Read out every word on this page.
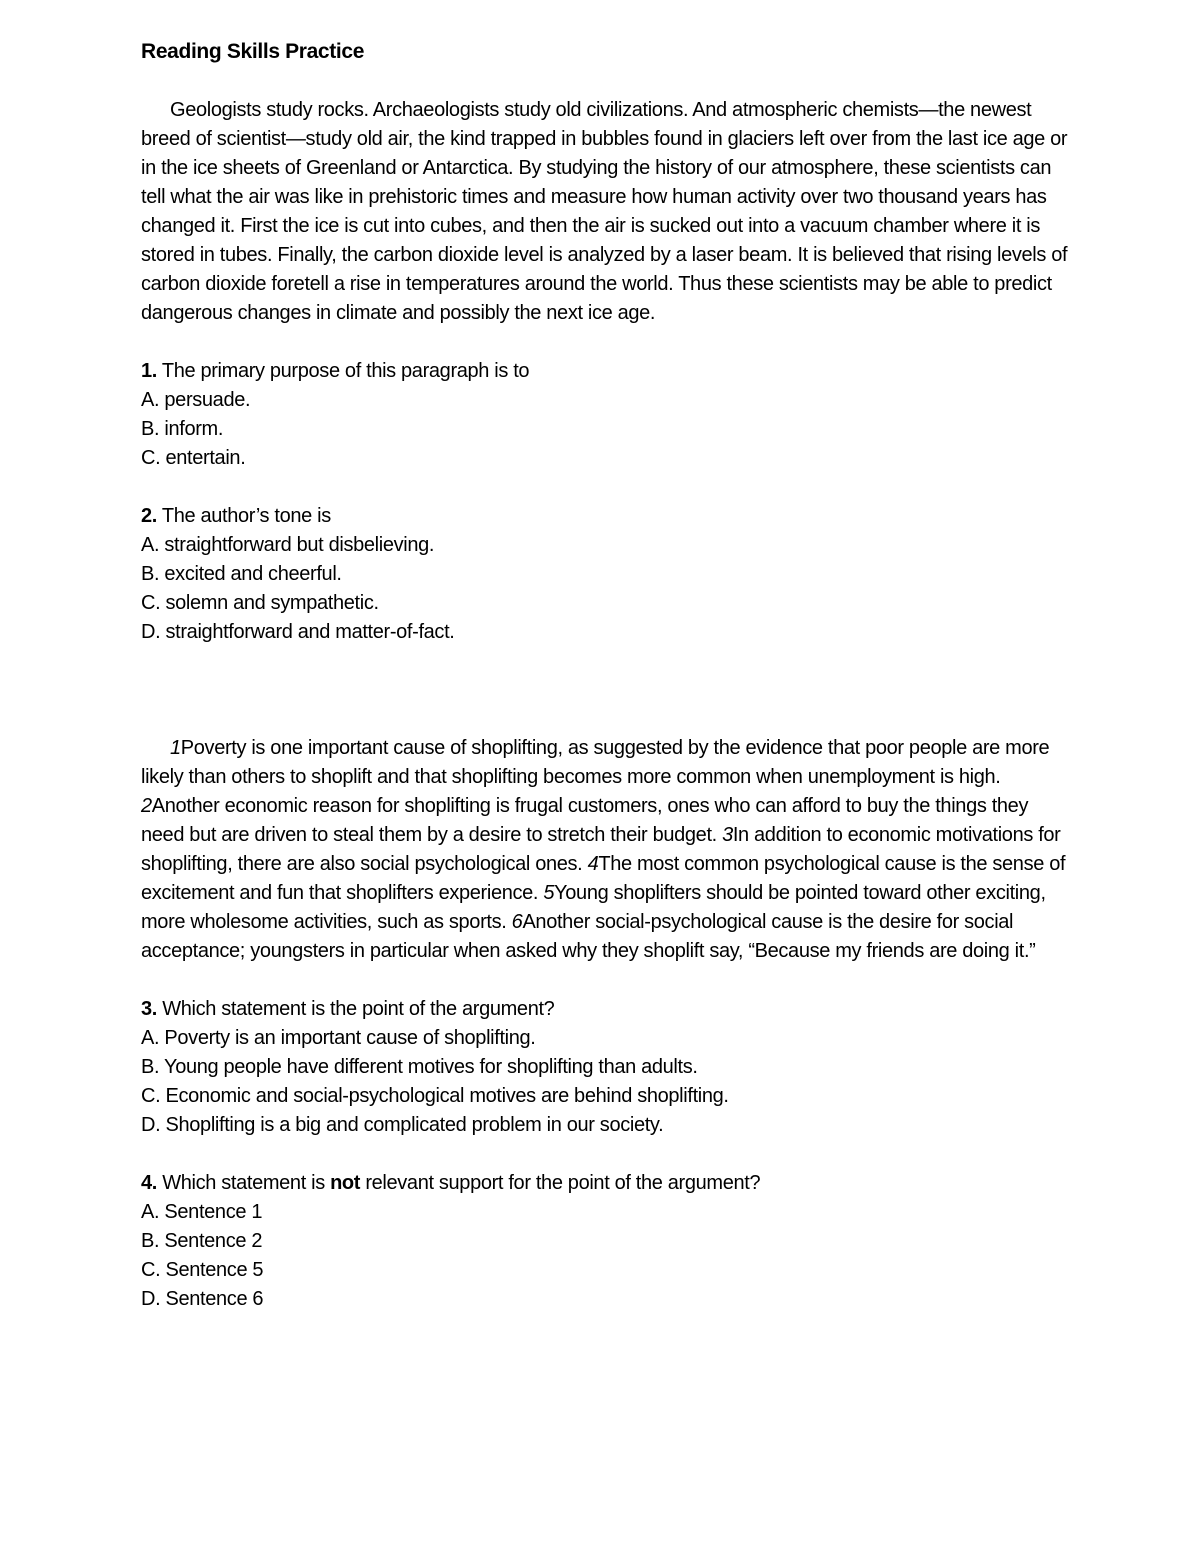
Reading Skills Practice

Geologists study rocks. Archaeologists study old civilizations. And atmospheric chemists—the newest breed of scientist—study old air, the kind trapped in bubbles found in glaciers left over from the last ice age or in the ice sheets of Greenland or Antarctica. By studying the history of our atmosphere, these scientists can tell what the air was like in prehistoric times and measure how human activity over two thousand years has changed it. First the ice is cut into cubes, and then the air is sucked out into a vacuum chamber where it is stored in tubes. Finally, the carbon dioxide level is analyzed by a laser beam. It is believed that rising levels of carbon dioxide foretell a rise in temperatures around the world. Thus these scientists may be able to predict dangerous changes in climate and possibly the next ice age.

1. The primary purpose of this paragraph is to

A. persuade.

B. inform.

C. entertain.

2. The author’s tone is

A. straightforward but disbelieving.

B. excited and cheerful.

C. solemn and sympathetic.

D. straightforward and matter-of-fact.

1Poverty is one important cause of shoplifting, as suggested by the evidence that poor people are more likely than others to shoplift and that shoplifting becomes more common when unemployment is high. 2Another economic reason for shoplifting is frugal customers, ones who can afford to buy the things they need but are driven to steal them by a desire to stretch their budget. 3In addition to economic motivations for shoplifting, there are also social psychological ones. 4The most common psychological cause is the sense of excitement and fun that shoplifters experience. 5Young shoplifters should be pointed toward other exciting, more wholesome activities, such as sports. 6Another social-psychological cause is the desire for social acceptance; youngsters in particular when asked why they shoplift say, “Because my friends are doing it.”

3. Which statement is the point of the argument?

A. Poverty is an important cause of shoplifting.

B. Young people have different motives for shoplifting than adults.

C. Economic and social-psychological motives are behind shoplifting.

D. Shoplifting is a big and complicated problem in our society.

4. Which statement is not relevant support for the point of the argument?

A. Sentence 1

B. Sentence 2

C. Sentence 5

D. Sentence 6
